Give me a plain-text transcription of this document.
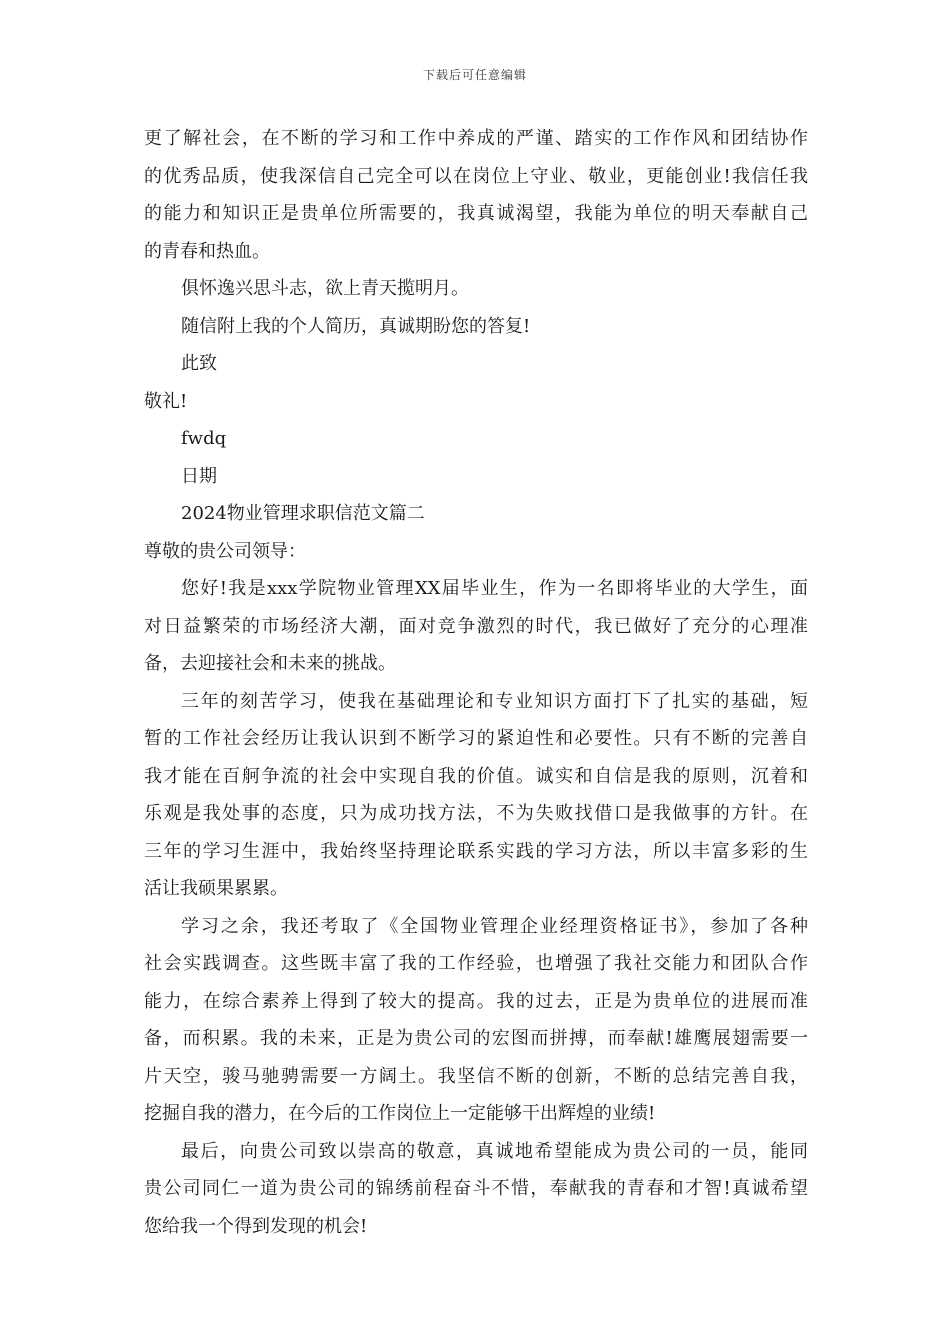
下载后可任意编辑
更了解社会，在不断的学习和工作中养成的严谨、踏实的工作作风和团结协作
的优秀品质，使我深信自己完全可以在岗位上守业、敬业，更能创业!我信任我
的能力和知识正是贵单位所需要的，我真诚渴望，我能为单位的明天奉献自己
的青春和热血。
俱怀逸兴思斗志，欲上青天揽明月。
随信附上我的个人简历，真诚期盼您的答复!
此致
敬礼!
fwdq
日期
2024物业管理求职信范文篇二
尊敬的贵公司领导：
您好!我是xxx学院物业管理XX届毕业生，作为一名即将毕业的大学生，面
对日益繁荣的市场经济大潮，面对竞争激烈的时代，我已做好了充分的心理准
备，去迎接社会和未来的挑战。
三年的刻苦学习，使我在基础理论和专业知识方面打下了扎实的基础，短
暂的工作社会经历让我认识到不断学习的紧迫性和必要性。只有不断的完善自
我才能在百舸争流的社会中实现自我的价值。诚实和自信是我的原则，沉着和
乐观是我处事的态度，只为成功找方法，不为失败找借口是我做事的方针。在
三年的学习生涯中，我始终坚持理论联系实践的学习方法，所以丰富多彩的生
活让我硕果累累。
学习之余，我还考取了《全国物业管理企业经理资格证书》，参加了各种
社会实践调查。这些既丰富了我的工作经验，也增强了我社交能力和团队合作
能力，在综合素养上得到了较大的提高。我的过去，正是为贵单位的进展而准
备，而积累。我的未来，正是为贵公司的宏图而拼搏，而奉献!雄鹰展翅需要一
片天空，骏马驰骋需要一方阔土。我坚信不断的创新，不断的总结完善自我，
挖掘自我的潜力，在今后的工作岗位上一定能够干出辉煌的业绩!
最后，向贵公司致以崇高的敬意，真诚地希望能成为贵公司的一员，能同
贵公司同仁一道为贵公司的锦绣前程奋斗不惜，奉献我的青春和才智!真诚希望
您给我一个得到发现的机会!
